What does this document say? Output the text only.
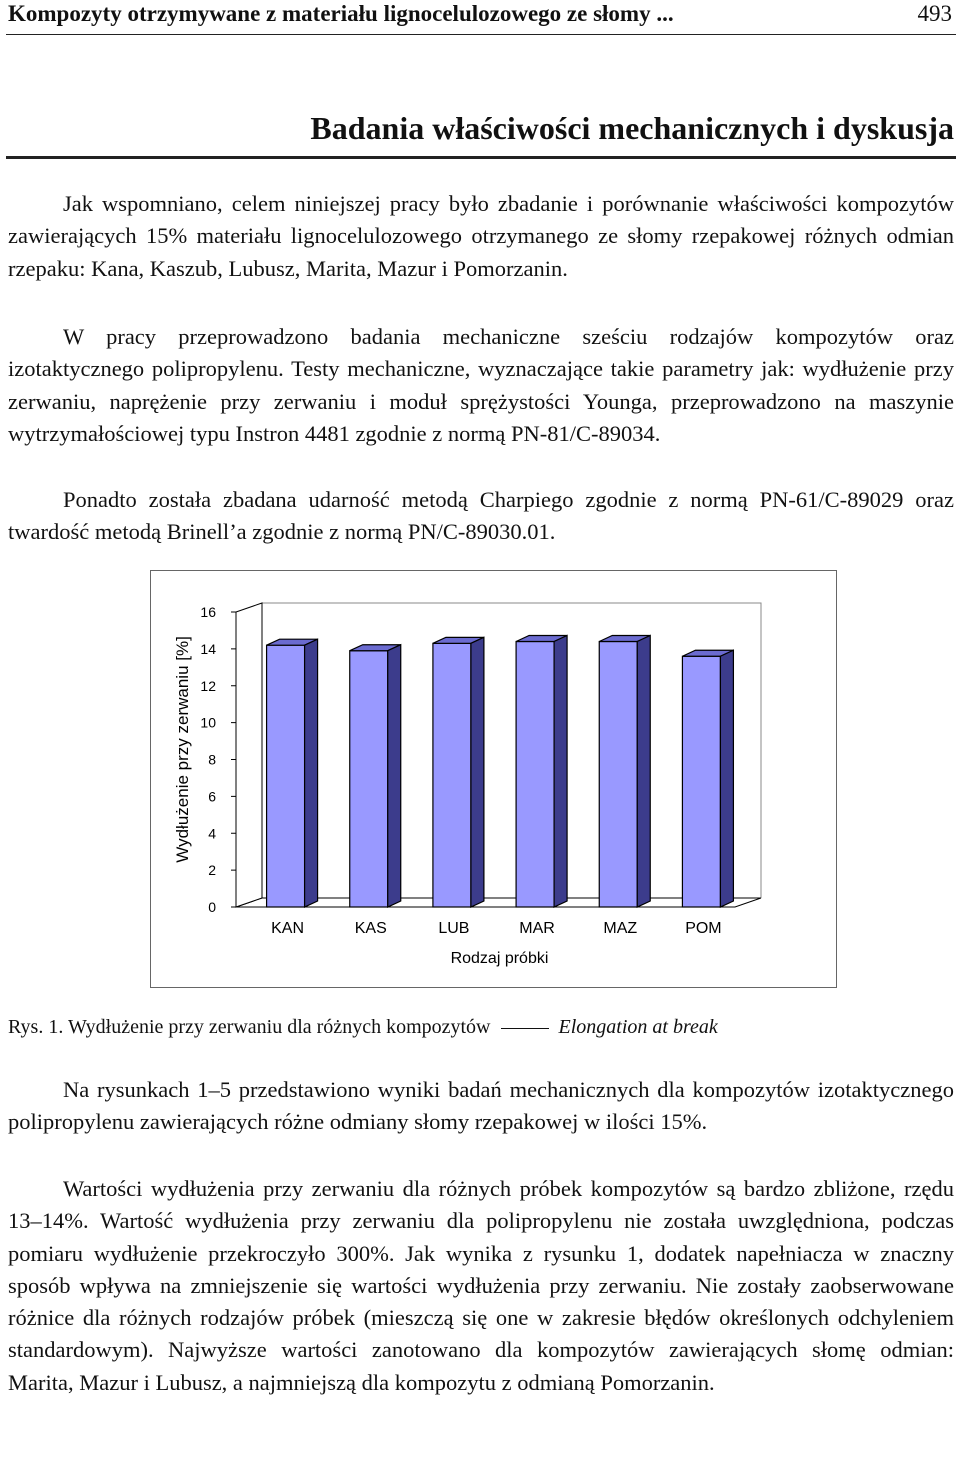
Kompozyty otrzymywane z materiału lignocelulozowego ze słomy ...	493
Badania właściwości mechanicznych i dyskusja

Jak wspomniano, celem niniejszej pracy było zbadanie i porównanie właściwości kompozytów zawierających 15% materiału lignocelulozowego otrzymanego ze słomy rzepakowej różnych odmian rzepaku: Kana, Kaszub, Lubusz, Marita, Mazur i Pomorzanin.

W pracy przeprowadzono badania mechaniczne sześciu rodzajów kompozytów oraz izotaktycznego polipropylenu. Testy mechaniczne, wyznaczające takie parametry jak: wydłużenie przy zerwaniu, naprężenie przy zerwaniu i moduł sprężystości Younga, przeprowadzono na maszynie wytrzymałościowej typu Instron 4481 zgodnie z normą PN-81/C-89034.

Ponadto została zbadana udarność metodą Charpiego zgodnie z normą PN-61/C-89029 oraz twardość metodą Brinell’a zgodnie z normą PN/C-89030.01.

0
2
4
6
8
10
12
14
16
Wydłużenie przy zerwaniu [%]
KAN	KAS	LUB	MAR	MAZ	POM
Rodzaj próbki
Rys. 1. Wydłużenie przy zerwaniu dla różnych kompozytów	Elongation at break

Na rysunkach 1–5 przedstawiono wyniki badań mechanicznych dla kompozytów izotaktycznego polipropylenu zawierających różne odmiany słomy rzepakowej w ilości 15%.

Wartości wydłużenia przy zerwaniu dla różnych próbek kompozytów są bardzo zbliżone, rzędu 13–14%. Wartość wydłużenia przy zerwaniu dla polipropylenu nie została uwzględniona, podczas pomiaru wydłużenie przekroczyło 300%. Jak wynika z rysunku 1, dodatek napełniacza w znaczny sposób wpływa na zmniejszenie się wartości wydłużenia przy zerwaniu. Nie zostały zaobserwowane różnice dla różnych rodzajów próbek (mieszczą się one w zakresie błędów określonych odchyleniem standardowym). Najwyższe wartości zanotowano dla kompozytów zawierających słomę odmian: Marita, Mazur i Lubusz, a najmniejszą dla kompozytu z odmianą Pomorzanin.
